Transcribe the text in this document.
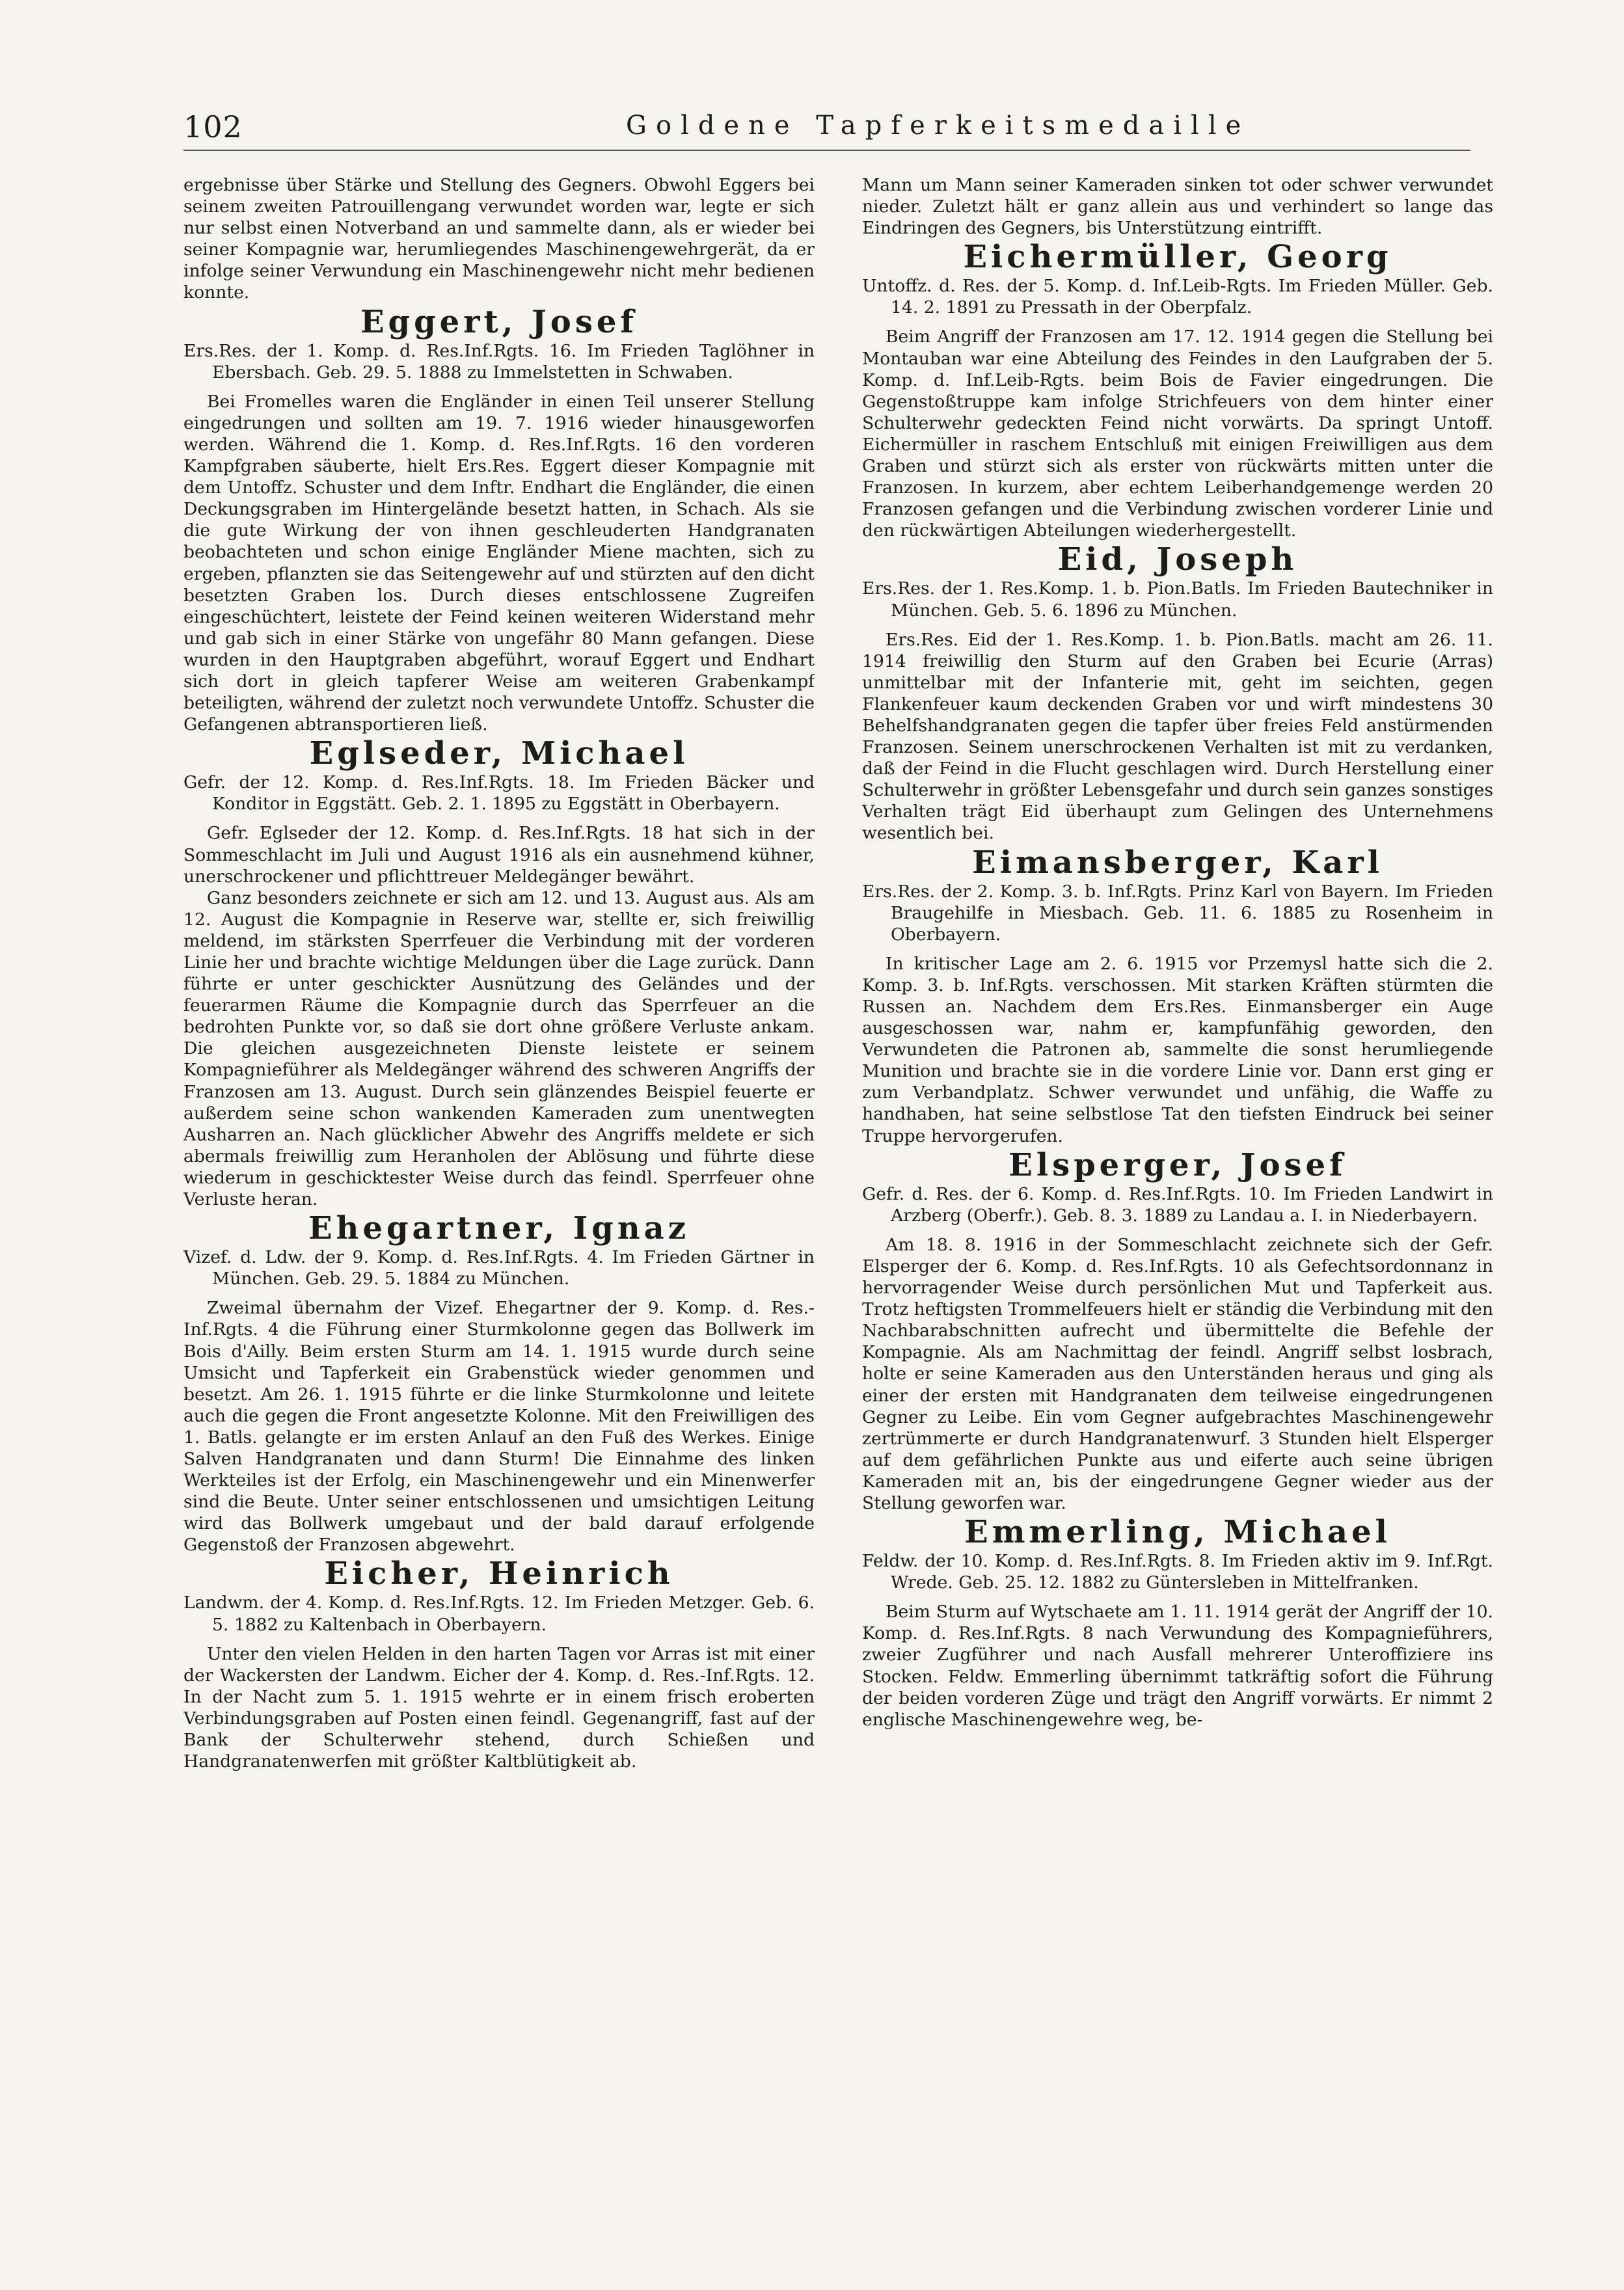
102	Goldene Tapferkeitsmedaille

ergebnisse über Stärke und Stellung des Gegners. Obwohl Eggers bei seinem zweiten Patrouillengang verwundet worden war, legte er sich nur selbst einen Notverband an und sammelte dann, als er wieder bei seiner Kompagnie war, herumliegendes Maschinengewehrgerät, da er infolge seiner Verwundung ein Maschinengewehr nicht mehr bedienen konnte.

Eggert, Josef

Ers.Res. der 1. Komp. d. Res.Inf.Rgts. 16. Im Frieden Taglöhner in Ebersbach. Geb. 29. 5. 1888 zu Immelstetten in Schwaben.

Bei Fromelles waren die Engländer in einen Teil unserer Stellung eingedrungen und sollten am 19. 7. 1916 wieder hinausgeworfen werden. Während die 1. Komp. d. Res.Inf.Rgts. 16 den vorderen Kampfgraben säuberte, hielt Ers.Res. Eggert dieser Kompagnie mit dem Untoffz. Schuster und dem Inftr. Endhart die Engländer, die einen Deckungsgraben im Hintergelände besetzt hatten, in Schach. Als sie die gute Wirkung der von ihnen geschleuderten Handgranaten beobachteten und schon einige Engländer Miene machten, sich zu ergeben, pflanzten sie das Seitengewehr auf und stürzten auf den dicht besetzten Graben los. Durch dieses entschlossene Zugreifen eingeschüchtert, leistete der Feind keinen weiteren Widerstand mehr und gab sich in einer Stärke von ungefähr 80 Mann gefangen. Diese wurden in den Hauptgraben abgeführt, worauf Eggert und Endhart sich dort in gleich tapferer Weise am weiteren Grabenkampf beteiligten, während der zuletzt noch verwundete Untoffz. Schuster die Gefangenen abtransportieren ließ.

Eglseder, Michael

Gefr. der 12. Komp. d. Res.Inf.Rgts. 18. Im Frieden Bäcker und Konditor in Eggstätt. Geb. 2. 1. 1895 zu Eggstätt in Oberbayern.

Gefr. Eglseder der 12. Komp. d. Res.Inf.Rgts. 18 hat sich in der Sommeschlacht im Juli und August 1916 als ein ausnehmend kühner, unerschrockener und pflichttreuer Meldegänger bewährt.

Ganz besonders zeichnete er sich am 12. und 13. August aus. Als am 12. August die Kompagnie in Reserve war, stellte er, sich freiwillig meldend, im stärksten Sperrfeuer die Verbindung mit der vorderen Linie her und brachte wichtige Meldungen über die Lage zurück. Dann führte er unter geschickter Ausnützung des Geländes und der feuerarmen Räume die Kompagnie durch das Sperrfeuer an die bedrohten Punkte vor, so daß sie dort ohne größere Verluste ankam. Die gleichen ausgezeichneten Dienste leistete er seinem Kompagnieführer als Meldegänger während des schweren Angriffs der Franzosen am 13. August. Durch sein glänzendes Beispiel feuerte er außerdem seine schon wankenden Kameraden zum unentwegten Ausharren an. Nach glücklicher Abwehr des Angriffs meldete er sich abermals freiwillig zum Heranholen der Ablösung und führte diese wiederum in geschicktester Weise durch das feindl. Sperrfeuer ohne Verluste heran.

Ehegartner, Ignaz

Vizef. d. Ldw. der 9. Komp. d. Res.Inf.Rgts. 4. Im Frieden Gärtner in München. Geb. 29. 5. 1884 zu München.

Zweimal übernahm der Vizef. Ehegartner der 9. Komp. d. Res.-Inf.Rgts. 4 die Führung einer Sturmkolonne gegen das Bollwerk im Bois d'Ailly. Beim ersten Sturm am 14. 1. 1915 wurde durch seine Umsicht und Tapferkeit ein Grabenstück wieder genommen und besetzt. Am 26. 1. 1915 führte er die linke Sturmkolonne und leitete auch die gegen die Front angesetzte Kolonne. Mit den Freiwilligen des 1. Batls. gelangte er im ersten Anlauf an den Fuß des Werkes. Einige Salven Handgranaten und dann Sturm! Die Einnahme des linken Werkteiles ist der Erfolg, ein Maschinengewehr und ein Minenwerfer sind die Beute. Unter seiner entschlossenen und umsichtigen Leitung wird das Bollwerk umgebaut und der bald darauf erfolgende Gegenstoß der Franzosen abgewehrt.

Eicher, Heinrich

Landwm. der 4. Komp. d. Res.Inf.Rgts. 12. Im Frieden Metzger. Geb. 6. 5. 1882 zu Kaltenbach in Oberbayern.

Unter den vielen Helden in den harten Tagen vor Arras ist mit einer der Wackersten der Landwm. Eicher der 4. Komp. d. Res.-Inf.Rgts. 12. In der Nacht zum 5. 1. 1915 wehrte er in einem frisch eroberten Verbindungsgraben auf Posten einen feindl. Gegenangriff, fast auf der Bank der Schulterwehr stehend, durch Schießen und Handgranatenwerfen mit größter Kaltblütigkeit ab.

Mann um Mann seiner Kameraden sinken tot oder schwer verwundet nieder. Zuletzt hält er ganz allein aus und verhindert so lange das Eindringen des Gegners, bis Unterstützung eintrifft.

Eichermüller, Georg

Untoffz. d. Res. der 5. Komp. d. Inf.Leib-Rgts. Im Frieden Müller. Geb. 14. 2. 1891 zu Pressath in der Oberpfalz.

Beim Angriff der Franzosen am 17. 12. 1914 gegen die Stellung bei Montauban war eine Abteilung des Feindes in den Laufgraben der 5. Komp. d. Inf.Leib-Rgts. beim Bois de Favier eingedrungen. Die Gegenstoßtruppe kam infolge Strichfeuers von dem hinter einer Schulterwehr gedeckten Feind nicht vorwärts. Da springt Untoff. Eichermüller in raschem Entschluß mit einigen Freiwilligen aus dem Graben und stürzt sich als erster von rückwärts mitten unter die Franzosen. In kurzem, aber echtem Leiberhandgemenge werden 20 Franzosen gefangen und die Verbindung zwischen vorderer Linie und den rückwärtigen Abteilungen wiederhergestellt.

Eid, Joseph

Ers.Res. der 1. Res.Komp. 1. b. Pion.Batls. Im Frieden Bautechniker in München. Geb. 5. 6. 1896 zu München.

Ers.Res. Eid der 1. Res.Komp. 1. b. Pion.Batls. macht am 26. 11. 1914 freiwillig den Sturm auf den Graben bei Ecurie (Arras) unmittelbar mit der Infanterie mit, geht im seichten, gegen Flankenfeuer kaum deckenden Graben vor und wirft mindestens 30 Behelfshandgranaten gegen die tapfer über freies Feld anstürmenden Franzosen. Seinem unerschrockenen Verhalten ist mit zu verdanken, daß der Feind in die Flucht geschlagen wird. Durch Herstellung einer Schulterwehr in größter Lebensgefahr und durch sein ganzes sonstiges Verhalten trägt Eid überhaupt zum Gelingen des Unternehmens wesentlich bei.

Eimansberger, Karl

Ers.Res. der 2. Komp. 3. b. Inf.Rgts. Prinz Karl von Bayern. Im Frieden Braugehilfe in Miesbach. Geb. 11. 6. 1885 zu Rosenheim in Oberbayern.

In kritischer Lage am 2. 6. 1915 vor Przemysl hatte sich die 2. Komp. 3. b. Inf.Rgts. verschossen. Mit starken Kräften stürmten die Russen an. Nachdem dem Ers.Res. Einmansberger ein Auge ausgeschossen war, nahm er, kampfunfähig geworden, den Verwundeten die Patronen ab, sammelte die sonst herumliegende Munition und brachte sie in die vordere Linie vor. Dann erst ging er zum Verbandplatz. Schwer verwundet und unfähig, die Waffe zu handhaben, hat seine selbstlose Tat den tiefsten Eindruck bei seiner Truppe hervorgerufen.

Elsperger, Josef

Gefr. d. Res. der 6. Komp. d. Res.Inf.Rgts. 10. Im Frieden Landwirt in Arzberg (Oberfr.). Geb. 8. 3. 1889 zu Landau a. I. in Niederbayern.

Am 18. 8. 1916 in der Sommeschlacht zeichnete sich der Gefr. Elsperger der 6. Komp. d. Res.Inf.Rgts. 10 als Gefechtsordonnanz in hervorragender Weise durch persönlichen Mut und Tapferkeit aus. Trotz heftigsten Trommelfeuers hielt er ständig die Verbindung mit den Nachbarabschnitten aufrecht und übermittelte die Befehle der Kompagnie. Als am Nachmittag der feindl. Angriff selbst losbrach, holte er seine Kameraden aus den Unterständen heraus und ging als einer der ersten mit Handgranaten dem teilweise eingedrungenen Gegner zu Leibe. Ein vom Gegner aufgebrachtes Maschinengewehr zertrümmerte er durch Handgranatenwurf. 3 Stunden hielt Elsperger auf dem gefährlichen Punkte aus und eiferte auch seine übrigen Kameraden mit an, bis der eingedrungene Gegner wieder aus der Stellung geworfen war.

Emmerling, Michael

Feldw. der 10. Komp. d. Res.Inf.Rgts. 8. Im Frieden aktiv im 9. Inf.Rgt. Wrede. Geb. 25. 12. 1882 zu Güntersleben in Mittelfranken.

Beim Sturm auf Wytschaete am 1. 11. 1914 gerät der Angriff der 10. Komp. d. Res.Inf.Rgts. 8 nach Verwundung des Kompagnieführers, zweier Zugführer und nach Ausfall mehrerer Unteroffiziere ins Stocken. Feldw. Emmerling übernimmt tatkräftig sofort die Führung der beiden vorderen Züge und trägt den Angriff vorwärts. Er nimmt 2 englische Maschinengewehre weg, be-
